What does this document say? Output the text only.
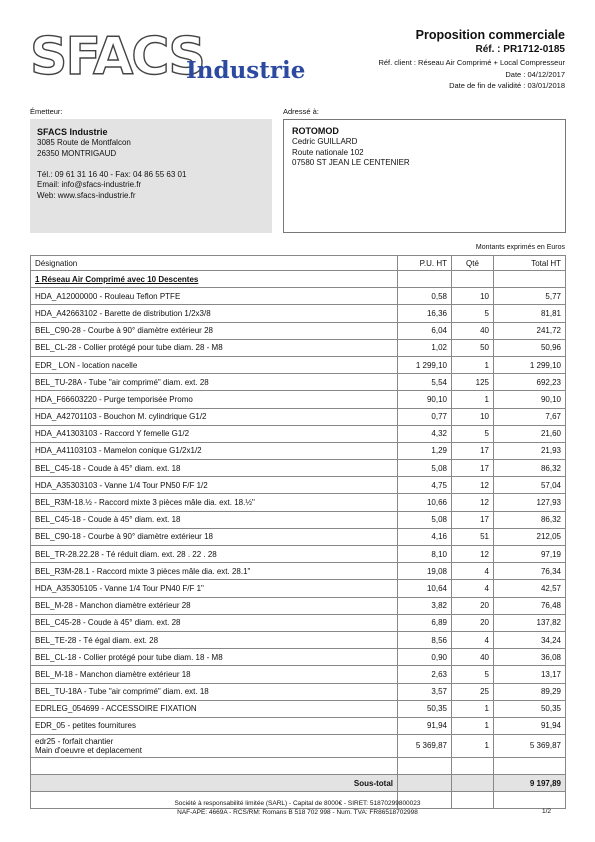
SFACS
Industrie
Proposition commerciale
Réf. : PR1712-0185
Réf. client : Réseau Air Comprimé + Local Compresseur
Date : 04/12/2017
Date de fin de validité : 03/01/2018
Émetteur:	Adressé à:
SFACS Industrie
3085 Route de Montfalcon
26350 MONTRIGAUD
Tél.: 09 61 31 16 40 - Fax: 04 86 55 63 01
Email: info@sfacs-industrie.fr
Web: www.sfacs-industrie.fr
ROTOMOD
Cedric GUILLARD
Route nationale 102
07580 ST JEAN LE CENTENIER
Montants exprimés en Euros
Désignation	P.U. HT	Qté	Total HT
1 Réseau Air Comprimé avec 10 Descentes			
HDA_A12000000 - Rouleau Teflon PTFE	0,58	10	5,77
HDA_A42663102 - Barette de distribution 1/2x3/8	16,36	5	81,81
BEL_C90-28 - Courbe à 90° diamètre extérieur 28	6,04	40	241,72
BEL_CL-28 - Collier protégé pour tube diam. 28 - M8	1,02	50	50,96
EDR_ LON - location nacelle	1 299,10	1	1 299,10
BEL_TU-28A - Tube "air comprimé" diam. ext. 28	5,54	125	692,23
HDA_F66603220 - Purge temporisée Promo	90,10	1	90,10
HDA_A42701103 - Bouchon M. cylindrique G1/2	0,77	10	7,67
HDA_A41303103 - Raccord Y femelle G1/2	4,32	5	21,60
HDA_A41103103 - Mamelon conique G1/2x1/2	1,29	17	21,93
BEL_C45-18 - Coude à 45° diam. ext. 18	5,08	17	86,32
HDA_A35303103 - Vanne 1/4 Tour PN50 F/F 1/2	4,75	12	57,04
BEL_R3M-18.½ - Raccord mixte 3 pièces mâle dia. ext. 18.½"	10,66	12	127,93
BEL_C45-18 - Coude à 45° diam. ext. 18	5,08	17	86,32
BEL_C90-18 - Courbe à 90° diamètre extérieur 18	4,16	51	212,05
BEL_TR-28.22.28 - Té réduit diam. ext. 28 . 22 . 28	8,10	12	97,19
BEL_R3M-28.1 - Raccord mixte 3 pièces mâle dia. ext. 28.1"	19,08	4	76,34
HDA_A35305105 - Vanne 1/4 Tour PN40 F/F 1"	10,64	4	42,57
BEL_M-28 - Manchon diamètre extérieur 28	3,82	20	76,48
BEL_C45-28 - Coude à 45° diam. ext. 28	6,89	20	137,82
BEL_TE-28 - Té égal diam. ext. 28	8,56	4	34,24
BEL_CL-18 - Collier protégé pour tube diam. 18 - M8	0,90	40	36,08
BEL_M-18 - Manchon diamètre extérieur 18	2,63	5	13,17
BEL_TU-18A - Tube "air comprimé" diam. ext. 18	3,57	25	89,29
EDRLEG_054699 - ACCESSOIRE FIXATION	50,35	1	50,35
EDR_05 - petites fournitures	91,94	1	91,94
edr25 - forfait chantier
Main d'oeuvre et deplacement	5 369,87	1	5 369,87

Sous-total			9 197,89

Société à responsabilité limitée (SARL) - Capital de 8000€ - SIRET: 51870299800023
NAF-APE: 4669A - RCS/RM: Romans B 518 702 998 - Num. TVA: FR86518702998	1/2
